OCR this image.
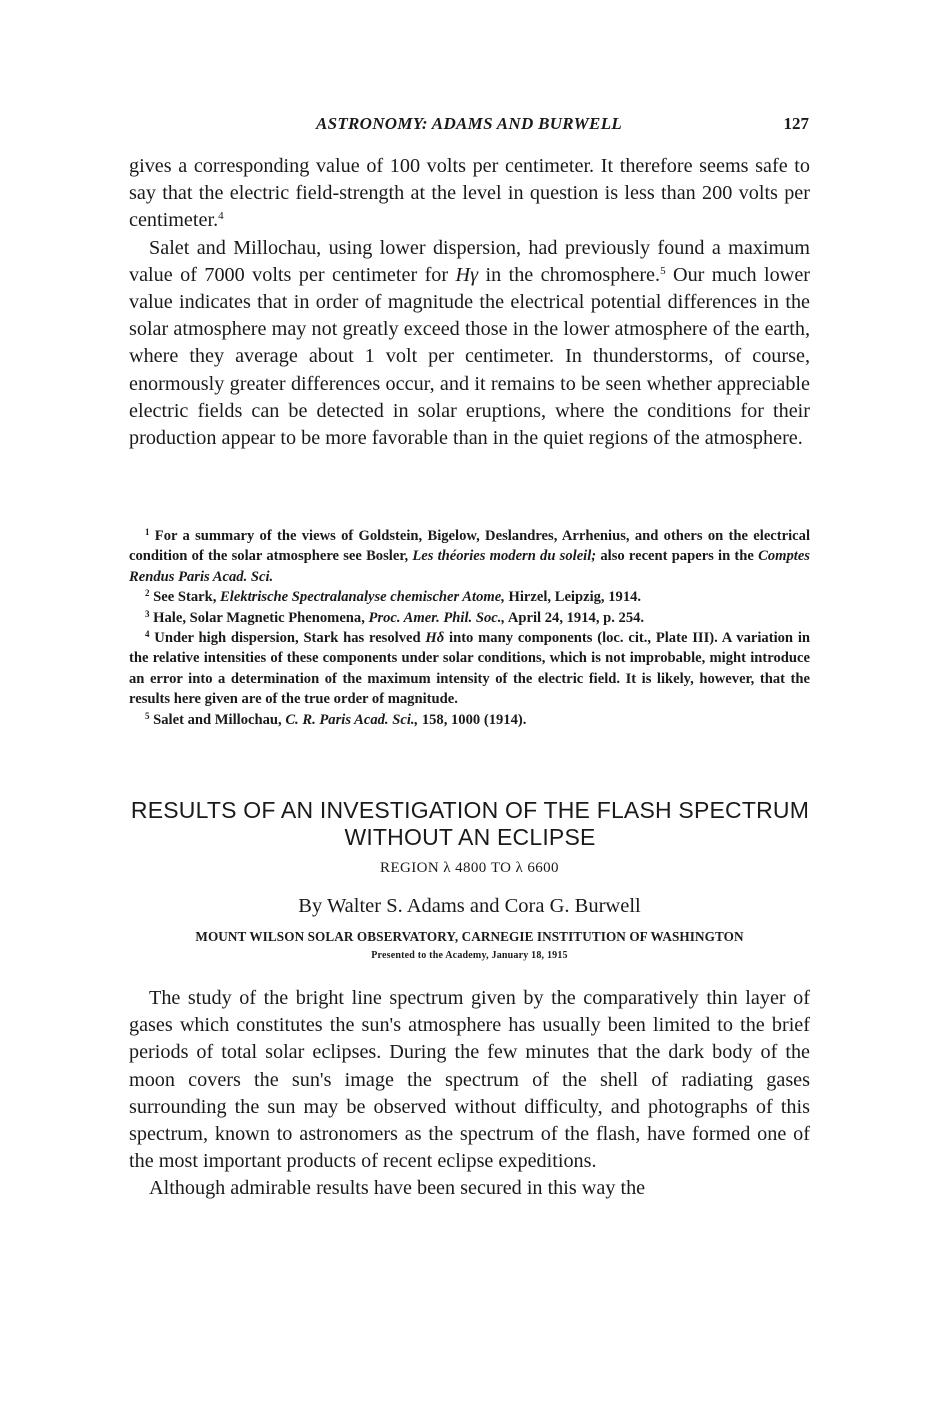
ASTRONOMY: ADAMS AND BURWELL	127

gives a corresponding value of 100 volts per centimeter. It therefore seems safe to say that the electric field-strength at the level in question is less than 200 volts per centimeter.$^4$

Salet and Millochau, using lower dispersion, had previously found a maximum value of 7000 volts per centimeter for Hγ in the chromosphere.$^5$ Our much lower value indicates that in order of magnitude the electrical potential differences in the solar atmosphere may not greatly exceed those in the lower atmosphere of the earth, where they average about 1 volt per centimeter. In thunderstorms, of course, enormously greater differences occur, and it remains to be seen whether appreciable electric fields can be detected in solar eruptions, where the conditions for their production appear to be more favorable than in the quiet regions of the atmosphere.

$^1$ For a summary of the views of Goldstein, Bigelow, Deslandres, Arrhenius, and others on the electrical condition of the solar atmosphere see Bosler, Les théories modern du soleil; also recent papers in the Comptes Rendus Paris Acad. Sci.

$^2$ See Stark, Elektrische Spectralanalyse chemischer Atome, Hirzel, Leipzig, 1914.

$^3$ Hale, Solar Magnetic Phenomena, Proc. Amer. Phil. Soc., April 24, 1914, p. 254.

$^4$ Under high dispersion, Stark has resolved Hδ into many components (loc. cit., Plate III). A variation in the relative intensities of these components under solar conditions, which is not improbable, might introduce an error into a determination of the maximum intensity of the electric field. It is likely, however, that the results here given are of the true order of magnitude.

$^5$ Salet and Millochau, C. R. Paris Acad. Sci., 158, 1000 (1914).

RESULTS OF AN INVESTIGATION OF THE FLASH SPECTRUM
WITHOUT AN ECLIPSE
REGION λ 4800 TO λ 6600
By Walter S. Adams and Cora G. Burwell
MOUNT WILSON SOLAR OBSERVATORY, CARNEGIE INSTITUTION OF WASHINGTON
Presented to the Academy, January 18, 1915

The study of the bright line spectrum given by the comparatively thin layer of gases which constitutes the sun's atmosphere has usually been limited to the brief periods of total solar eclipses. During the few minutes that the dark body of the moon covers the sun's image the spectrum of the shell of radiating gases surrounding the sun may be observed without difficulty, and photographs of this spectrum, known to astronomers as the spectrum of the flash, have formed one of the most important products of recent eclipse expeditions.

Although admirable results have been secured in this way the
